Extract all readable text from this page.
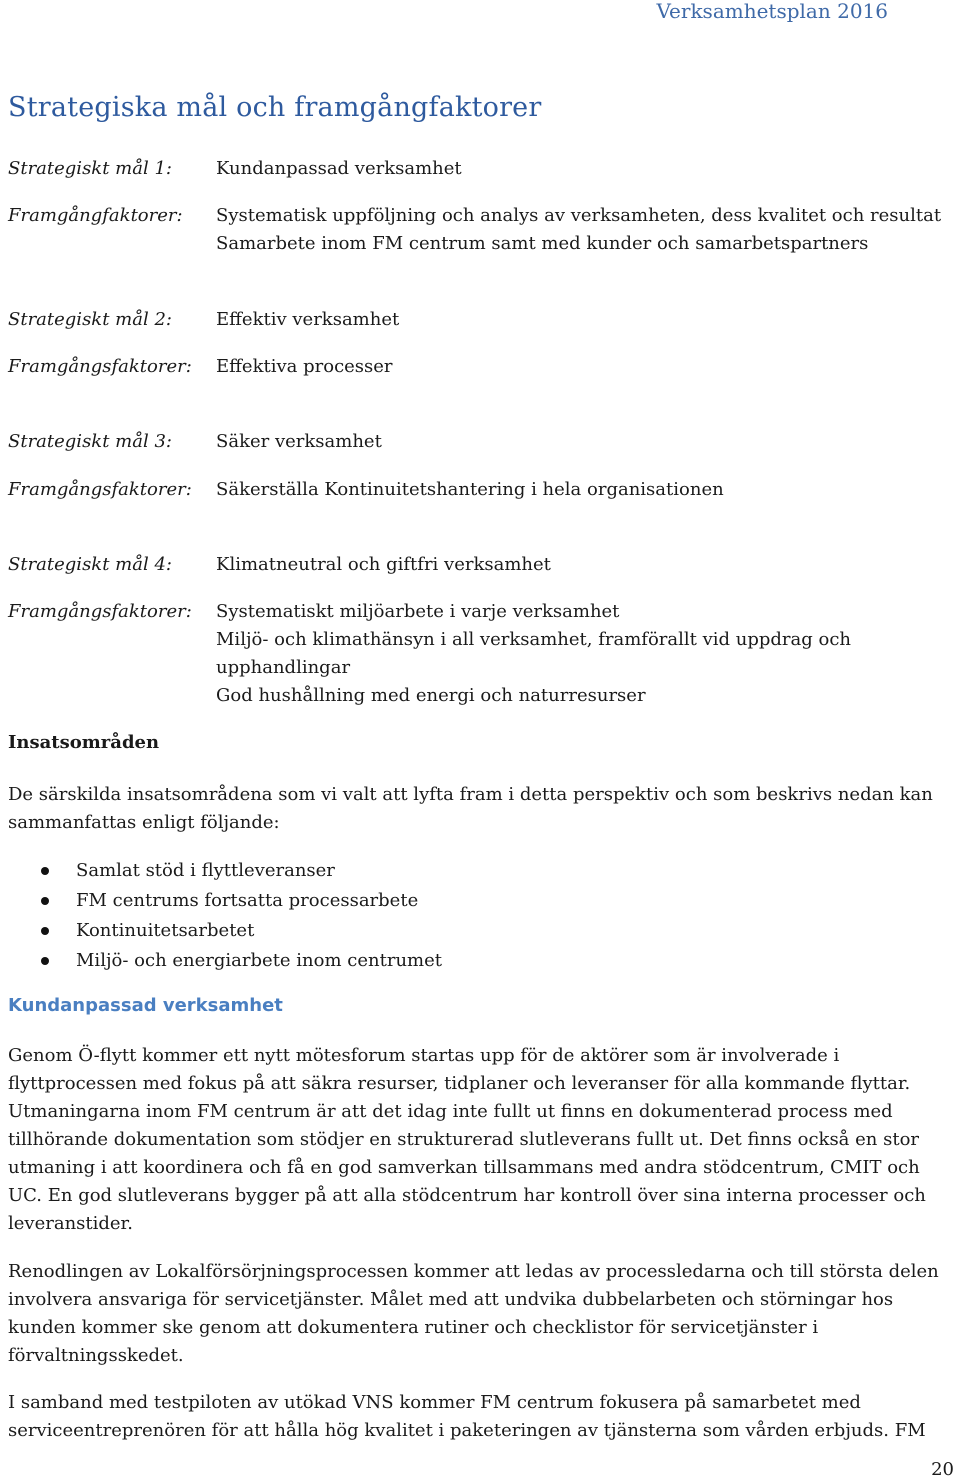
Verksamhetsplan 2016
Strategiska mål och framgångfaktorer
Strategiskt mål 1: Kundanpassad verksamhet
Framgångfaktorer: Systematisk uppföljning och analys av verksamheten, dess kvalitet och resultat
Samarbete inom FM centrum samt med kunder och samarbetspartners
Strategiskt mål 2: Effektiv verksamhet
Framgångsfaktorer: Effektiva processer
Strategiskt mål 3: Säker verksamhet
Framgångsfaktorer: Säkerställa Kontinuitetshantering i hela organisationen
Strategiskt mål 4: Klimatneutral och giftfri verksamhet
Framgångsfaktorer: Systematiskt miljöarbete i varje verksamhet
Miljö- och klimathänsyn i all verksamhet, framförallt vid uppdrag och
upphandlingar
God hushållning med energi och naturresurser
Insatsområden

De särskilda insatsområdena som vi valt att lyfta fram i detta perspektiv och som beskrivs nedan kan sammanfattas enligt följande:

Samlat stöd i flyttleveranser
FM centrums fortsatta processarbete
Kontinuitetsarbetet
Miljö- och energiarbete inom centrumet
Kundanpassad verksamhet

Genom Ö-flytt kommer ett nytt mötesforum startas upp för de aktörer som är involverade i flyttprocessen med fokus på att säkra resurser, tidplaner och leveranser för alla kommande flyttar. Utmaningarna inom FM centrum är att det idag inte fullt ut finns en dokumenterad process med tillhörande dokumentation som stödjer en strukturerad slutleverans fullt ut. Det finns också en stor utmaning i att koordinera och få en god samverkan tillsammans med andra stödcentrum, CMIT och UC. En god slutleverans bygger på att alla stödcentrum har kontroll över sina interna processer och leveranstider.

Renodlingen av Lokalförsörjningsprocessen kommer att ledas av processledarna och till största delen involvera ansvariga för servicetjänster. Målet med att undvika dubbelarbeten och störningar hos kunden kommer ske genom att dokumentera rutiner och checklistor för servicetjänster i förvaltningsskedet.

I samband med testpiloten av utökad VNS kommer FM centrum fokusera på samarbetet med serviceentreprenören för att hålla hög kvalitet i paketeringen av tjänsterna som vården erbjuds. FM

20
